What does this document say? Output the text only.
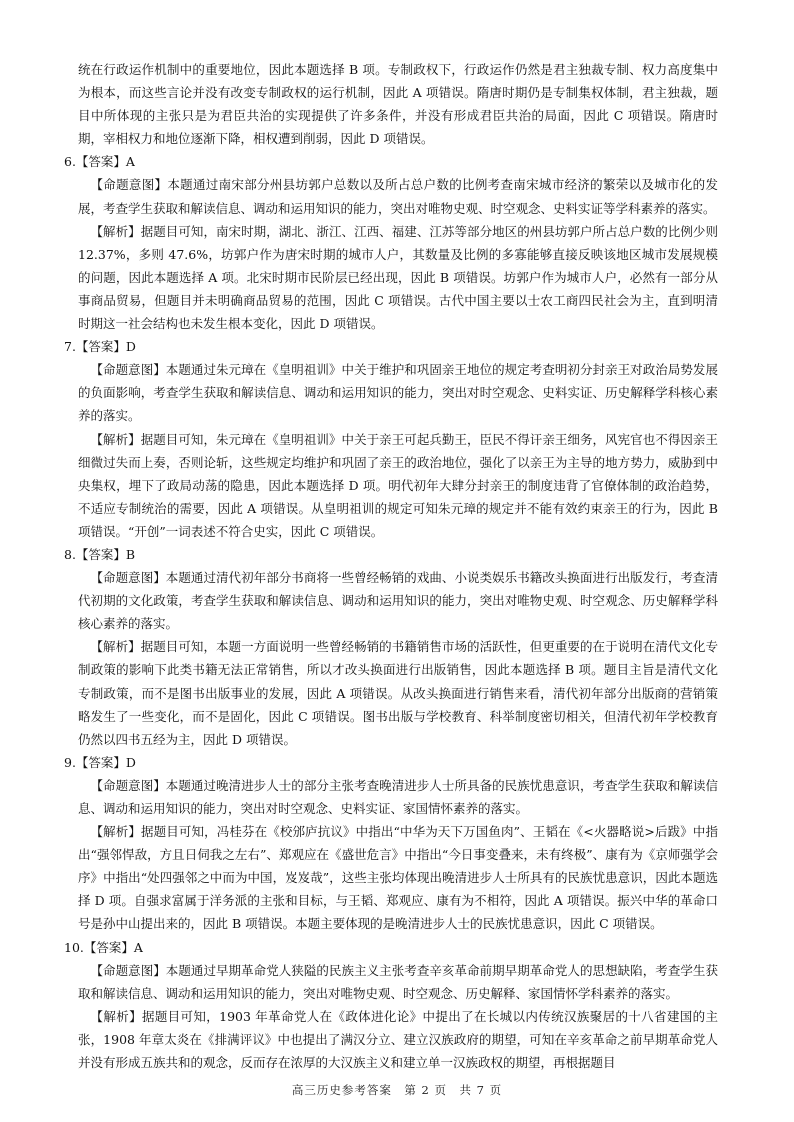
统在行政运作机制中的重要地位，因此本题选择 B 项。专制政权下，行政运作仍然是君主独裁专制、权力高度集中为根本，而这些言论并没有改变专制政权的运行机制，因此 A 项错误。隋唐时期仍是专制集权体制，君主独裁，题目中所体现的主张只是为君臣共治的实现提供了许多条件，并没有形成君臣共治的局面，因此 C 项错误。隋唐时期，宰相权力和地位逐渐下降，相权遭到削弱，因此 D 项错误。

6.【答案】A

【命题意图】本题通过南宋部分州县坊郭户总数以及所占总户数的比例考查南宋城市经济的繁荣以及城市化的发展，考查学生获取和解读信息、调动和运用知识的能力，突出对唯物史观、时空观念、史料实证等学科素养的落实。

【解析】据题目可知，南宋时期，湖北、浙江、江西、福建、江苏等部分地区的州县坊郭户所占总户数的比例少则 12.37%，多则 47.6%，坊郭户作为唐宋时期的城市人户，其数量及比例的多寡能够直接反映该地区城市发展规模的问题，因此本题选择 A 项。北宋时期市民阶层已经出现，因此 B 项错误。坊郭户作为城市人户，必然有一部分从事商品贸易，但题目并未明确商品贸易的范围，因此 C 项错误。古代中国主要以士农工商四民社会为主，直到明清时期这一社会结构也未发生根本变化，因此 D 项错误。

7.【答案】D

【命题意图】本题通过朱元璋在《皇明祖训》中关于维护和巩固亲王地位的规定考查明初分封亲王对政治局势发展的负面影响，考查学生获取和解读信息、调动和运用知识的能力，突出对时空观念、史料实证、历史解释学科核心素养的落实。

【解析】据题目可知，朱元璋在《皇明祖训》中关于亲王可起兵勤王，臣民不得讦亲王细务，风宪官也不得因亲王细微过失而上奏，否则论斩，这些规定均维护和巩固了亲王的政治地位，强化了以亲王为主导的地方势力，威胁到中央集权，埋下了政局动荡的隐患，因此本题选择 D 项。明代初年大肆分封亲王的制度违背了官僚体制的政治趋势，不适应专制统治的需要，因此 A 项错误。从皇明祖训的规定可知朱元璋的规定并不能有效约束亲王的行为，因此 B 项错误。“开创”一词表述不符合史实，因此 C 项错误。

8.【答案】B

【命题意图】本题通过清代初年部分书商将一些曾经畅销的戏曲、小说类娱乐书籍改头换面进行出版发行，考查清代初期的文化政策，考查学生获取和解读信息、调动和运用知识的能力，突出对唯物史观、时空观念、历史解释学科核心素养的落实。

【解析】据题目可知，本题一方面说明一些曾经畅销的书籍销售市场的活跃性，但更重要的在于说明在清代文化专制政策的影响下此类书籍无法正常销售，所以才改头换面进行出版销售，因此本题选择 B 项。题目主旨是清代文化专制政策，而不是图书出版事业的发展，因此 A 项错误。从改头换面进行销售来看，清代初年部分出版商的营销策略发生了一些变化，而不是固化，因此 C 项错误。图书出版与学校教育、科举制度密切相关，但清代初年学校教育仍然以四书五经为主，因此 D 项错误。

9.【答案】D

【命题意图】本题通过晚清进步人士的部分主张考查晚清进步人士所具备的民族忧患意识，考查学生获取和解读信息、调动和运用知识的能力，突出对时空观念、史料实证、家国情怀素养的落实。

【解析】据题目可知，冯桂芬在《校邠庐抗议》中指出“中华为天下万国鱼肉”、王韬在《<火器略说>后跋》中指出“强邻悍敌，方且日伺我之左右”、郑观应在《盛世危言》中指出“今日事变叠来，未有终极”、康有为《京师强学会序》中指出“处四强邻之中而为中国，岌岌哉”，这些主张均体现出晚清进步人士所具有的民族忧患意识，因此本题选择 D 项。自强求富属于洋务派的主张和目标，与王韬、郑观应、康有为不相符，因此 A 项错误。振兴中华的革命口号是孙中山提出来的，因此 B 项错误。本题主要体现的是晚清进步人士的民族忧患意识，因此 C 项错误。

10.【答案】A

【命题意图】本题通过早期革命党人狭隘的民族主义主张考查辛亥革命前期早期革命党人的思想缺陷，考查学生获取和解读信息、调动和运用知识的能力，突出对唯物史观、时空观念、历史解释、家国情怀学科素养的落实。

【解析】据题目可知，1903 年革命党人在《政体进化论》中提出了在长城以内传统汉族聚居的十八省建国的主张，1908 年章太炎在《排满评议》中也提出了满汉分立、建立汉族政府的期望，可知在辛亥革命之前早期革命党人并没有形成五族共和的观念，反而存在浓厚的大汉族主义和建立单一汉族政权的期望，再根据题目

高三历史参考答案　第 2 页　共 7 页
